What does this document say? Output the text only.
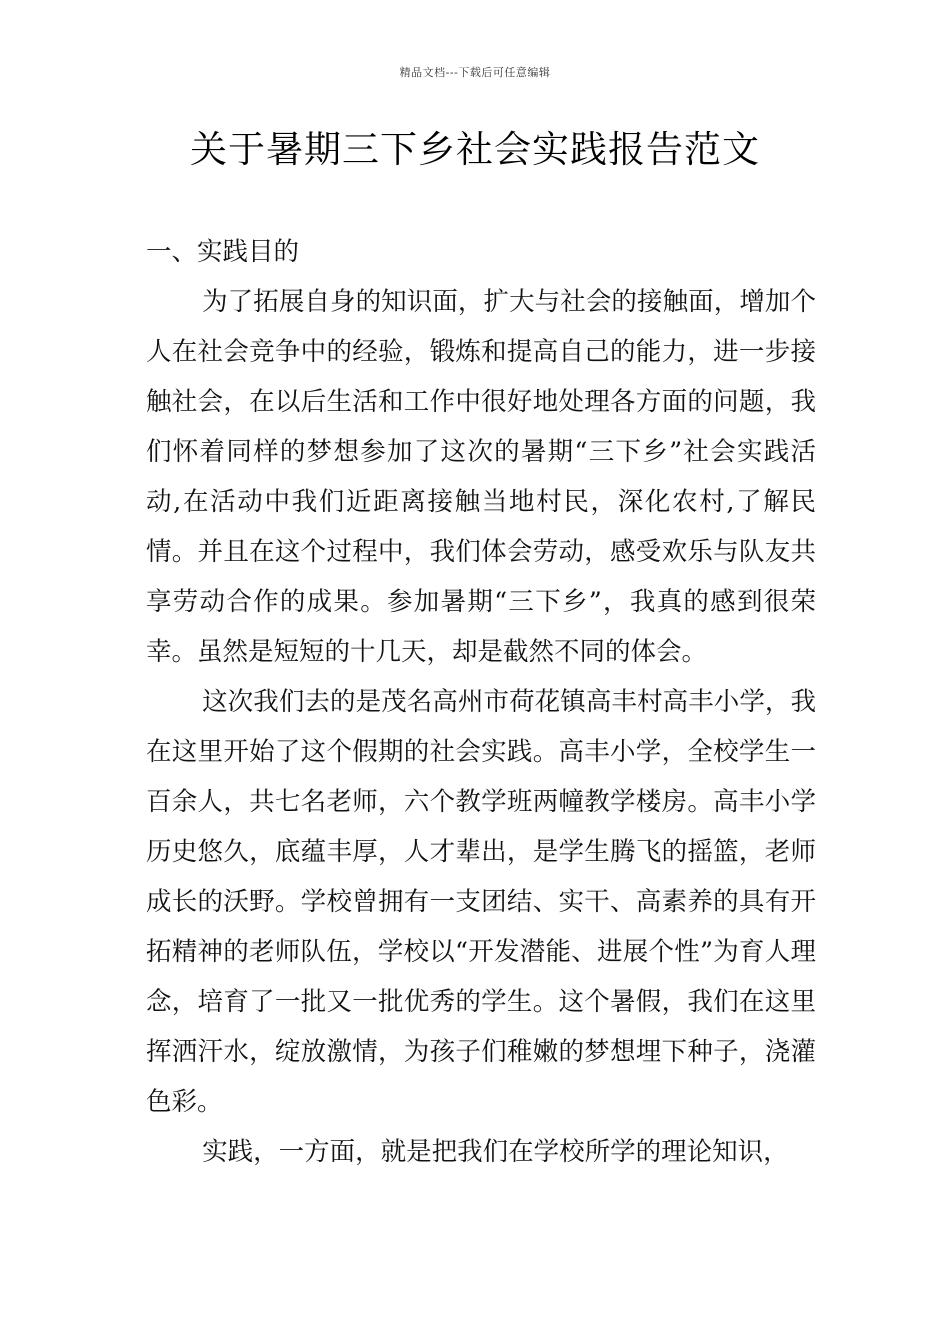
精品文档---下载后可任意编辑
关于暑期三下乡社会实践报告范文
一、实践目的

为了拓展自身的知识面，扩大与社会的接触面，增加个人在社会竞争中的经验，锻炼和提高自己的能力，进一步接触社会，在以后生活和工作中很好地处理各方面的问题，我们怀着同样的梦想参加了这次的暑期“三下乡”社会实践活动,在活动中我们近距离接触当地村民，深化农村,了解民情。并且在这个过程中，我们体会劳动，感受欢乐与队友共享劳动合作的成果。参加暑期“三下乡”，我真的感到很荣幸。虽然是短短的十几天，却是截然不同的体会。

这次我们去的是茂名高州市荷花镇高丰村高丰小学，我在这里开始了这个假期的社会实践。高丰小学，全校学生一百余人，共七名老师，六个教学班两幢教学楼房。高丰小学历史悠久，底蕴丰厚，人才辈出，是学生腾飞的摇篮，老师成长的沃野。学校曾拥有一支团结、实干、高素养的具有开拓精神的老师队伍，学校以“开发潜能、进展个性”为育人理念，培育了一批又一批优秀的学生。这个暑假，我们在这里挥洒汗水，绽放激情，为孩子们稚嫩的梦想埋下种子，浇灌色彩。

实践，一方面，就是把我们在学校所学的理论知识，
